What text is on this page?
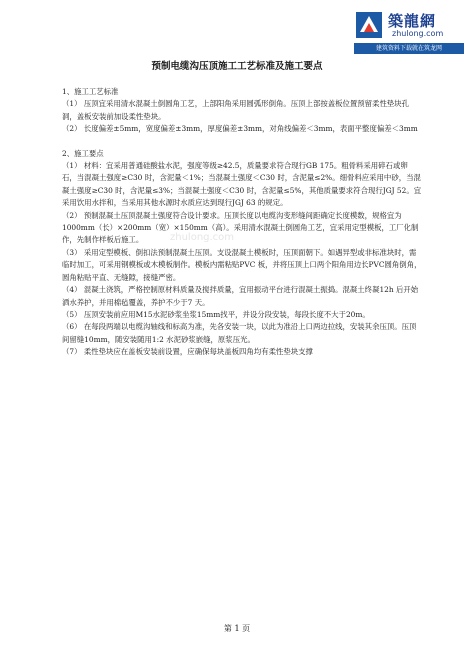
築龍網
zhulong.com
建筑资料下载就在筑龙网
预制电缆沟压顶施工工艺标准及施工要点
zhulong.com

1、施工工艺标准

（1） 压顶宜采用清水混凝土倒圆角工艺，上部阳角采用圆弧形倒角。压顶上部按盖板位置预留柔性垫块孔洞，盖板安装前加设柔性垫块。

（2） 长度偏差±5mm，宽度偏差±3mm，厚度偏差±3mm，对角线偏差＜3mm，表面平整度偏差＜3mm

2、施工要点

（1） 材料：宜采用普通硅酸盐水泥，强度等级≥42.5，质量要求符合现行GB 175。粗骨料采用碎石或卵石，当混凝土强度≥C30 时，含泥量＜1%；当混凝土强度＜C30 时，含泥量≤2%。细骨料应采用中砂，当混凝土强度≥C30 时，含泥量≤3%；当混凝土强度＜C30 时，含泥量≤5%，其他质量要求符合现行JGJ 52。宜采用饮用水拌和，当采用其他水源时水质应达到现行JGJ 63 的规定。

（2） 预制混凝土压顶混凝土强度符合设计要求。压顶长度以电缆沟变形缝间距确定长度模数，规格宜为1000mm（长）×200mm（宽）×150mm（高）。采用清水混凝土倒圆角工艺，宜采用定型模板，工厂化制作，先制作样板后施工。

（3） 采用定型模板、倒扣法预制混凝土压顶。支设混凝土模板时，压顶面朝下。如遇异型或非标准块时，需临时加工，可采用钢模板或木模板制作。模板内需粘贴PVC 板，并将压顶上口两个阳角用边长PVC圆角倒角，圆角粘贴平直、无缝隙，接缝严密。

（4） 混凝土浇筑，严格控制原材料质量及搅拌质量，宜用振动平台进行混凝土振捣。混凝土终凝12h 后开始洒水养护，并用棉毡覆盖，养护不少于7 天。

（5） 压顶安装前应用M15水泥砂浆坐浆15mm找平，并设分段安装，每段长度不大于20m。

（6） 在每段两端以电缆沟轴线和标高为准，先各安装一块，以此为准沿上口两边拉线，安装其余压顶。压顶间留缝10mm，随安装随用1:2 水泥砂浆嵌缝，原浆压光。

（7） 柔性垫块应在盖板安装前设置，应确保每块盖板四角均有柔性垫块支撑

第 1 页
